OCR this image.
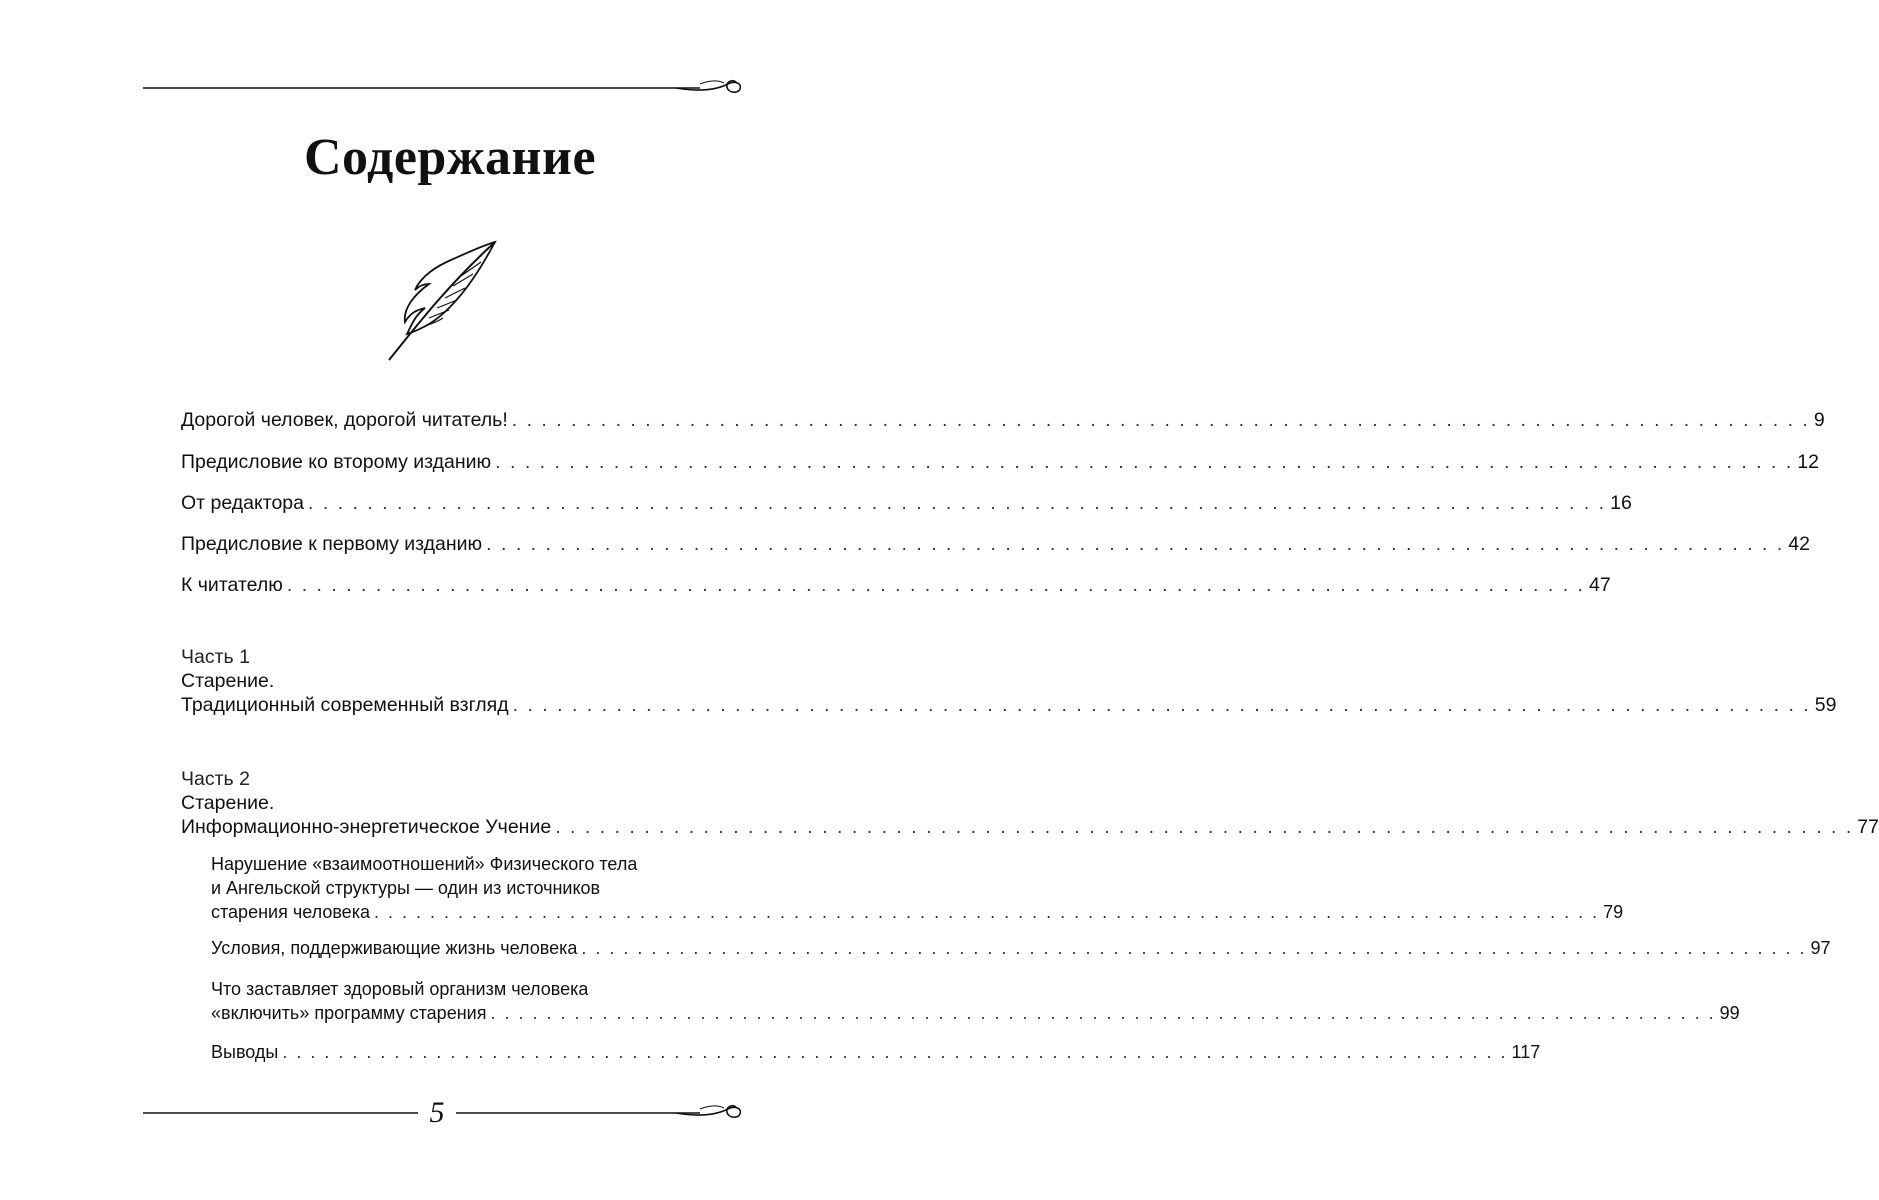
Содержание
Дорогой человек, дорогой читатель! . . . . . . . . . . . . . . . . . . . . . . . . . . . . . . . . . . . . . . . . . . . . . . . . . . . . . . . . . . . . . . . . . . . . . . . . . . . . . . . . . . . . . . . . 9
Предисловие ко второму изданию . . . . . . . . . . . . . . . . . . . . . . . . . . . . . . . . . . . . . . . . . . . . . . . . . . . . . . . . . . . . . . . . . . . . . . . . . . . . . . . . . . . . . . . . 12
От редактора . . . . . . . . . . . . . . . . . . . . . . . . . . . . . . . . . . . . . . . . . . . . . . . . . . . . . . . . . . . . . . . . . . . . . . . . . . . . . . . . . . . . . . . . 16
Предисловие к первому изданию . . . . . . . . . . . . . . . . . . . . . . . . . . . . . . . . . . . . . . . . . . . . . . . . . . . . . . . . . . . . . . . . . . . . . . . . . . . . . . . . . . . . . . . . 42
К читателю . . . . . . . . . . . . . . . . . . . . . . . . . . . . . . . . . . . . . . . . . . . . . . . . . . . . . . . . . . . . . . . . . . . . . . . . . . . . . . . . . . . . . . . . 47
Часть 1
Старение.
Традиционный современный взгляд . . . . . . . . . . . . . . . . . . . . . . . . . . . . . . . . . . . . . . . . . . . . . . . . . . . . . . . . . . . . . . . . . . . . . . . . . . . . . . . . . . . . . . . . 59
Часть 2
Старение.
Информационно-энергетическое Учение . . . . . . . . . . . . . . . . . . . . . . . . . . . . . . . . . . . . . . . . . . . . . . . . . . . . . . . . . . . . . . . . . . . . . . . . . . . . . . . . . . . . . . . . 77
Нарушение «взаимоотношений» Физического тела
и Ангельской структуры — один из источников
старения человека . . . . . . . . . . . . . . . . . . . . . . . . . . . . . . . . . . . . . . . . . . . . . . . . . . . . . . . . . . . . . . . . . . . . . . . . . . . . . . . . . . . . . . . . 79
Условия, поддерживающие жизнь человека . . . . . . . . . . . . . . . . . . . . . . . . . . . . . . . . . . . . . . . . . . . . . . . . . . . . . . . . . . . . . . . . . . . . . . . . . . . . . . . . . . . . . . . . 97
Что заставляет здоровый организм человека
«включить» программу старения . . . . . . . . . . . . . . . . . . . . . . . . . . . . . . . . . . . . . . . . . . . . . . . . . . . . . . . . . . . . . . . . . . . . . . . . . . . . . . . . . . . . . . . . 99
Выводы . . . . . . . . . . . . . . . . . . . . . . . . . . . . . . . . . . . . . . . . . . . . . . . . . . . . . . . . . . . . . . . . . . . . . . . . . . . . . . . . . . . . . . . . 117
5
